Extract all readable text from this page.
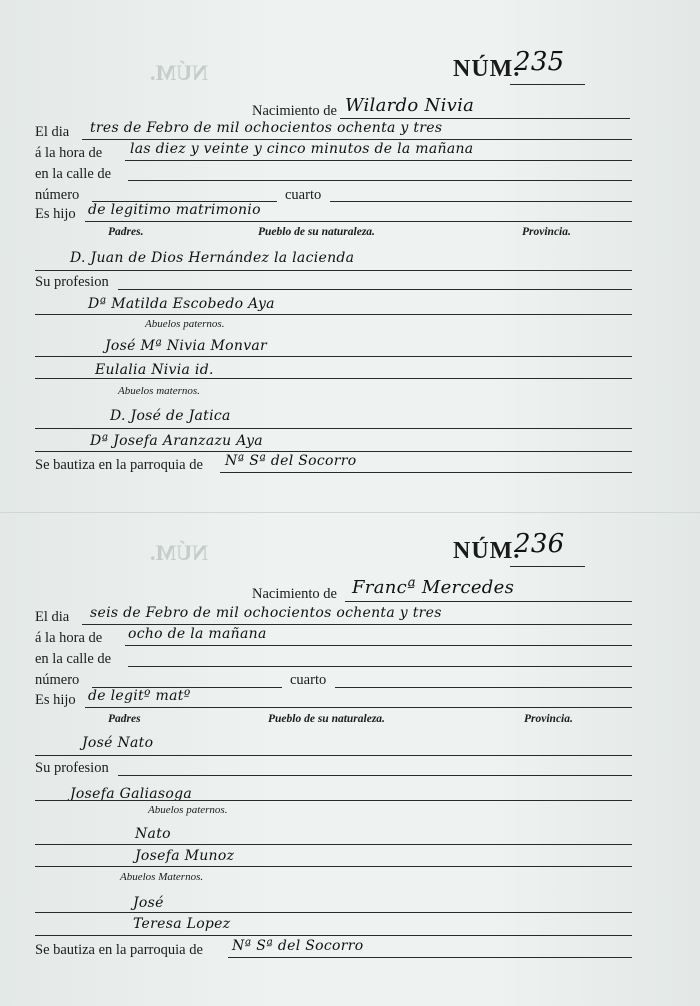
NÚM.
NÚM.
NÚM.
235
Nacimiento de Wilardo Nivia
El dia tres de Febro de mil ochocientos ochenta y tres
á la hora de las diez y veinte y cinco minutos de la mañana
en la calle de
número	cuarto
Es hijo de legitimo matrimonio
Padres.	Pueblo de su naturaleza.	Provincia.
D. Juan de Dios Hernández la lacienda
Su profesion
Dª Matilda Escobedo Aya
Abuelos paternos.
José Mª Nivia Monvar
Eulalia Nivia id.
Abuelos maternos.
D. José de Jatica
Dª Josefa Aranzazu Aya
Se bautiza en la parroquia de Nª Sª del Socorro
NÚM.
236
Nacimiento de Francª Mercedes
El dia seis de Febro de mil ochocientos ochenta y tres
á la hora de ocho de la mañana
en la calle de
número	cuarto
Es hijo de legitº matº
Padres	Pueblo de su naturaleza.	Provincia.
José Nato
Su profesion
Josefa Galiasoga
Abuelos paternos.
Nato
Josefa Munoz
Abuelos Maternos.
José
Teresa Lopez
Se bautiza en la parroquia de Nª Sª del Socorro
